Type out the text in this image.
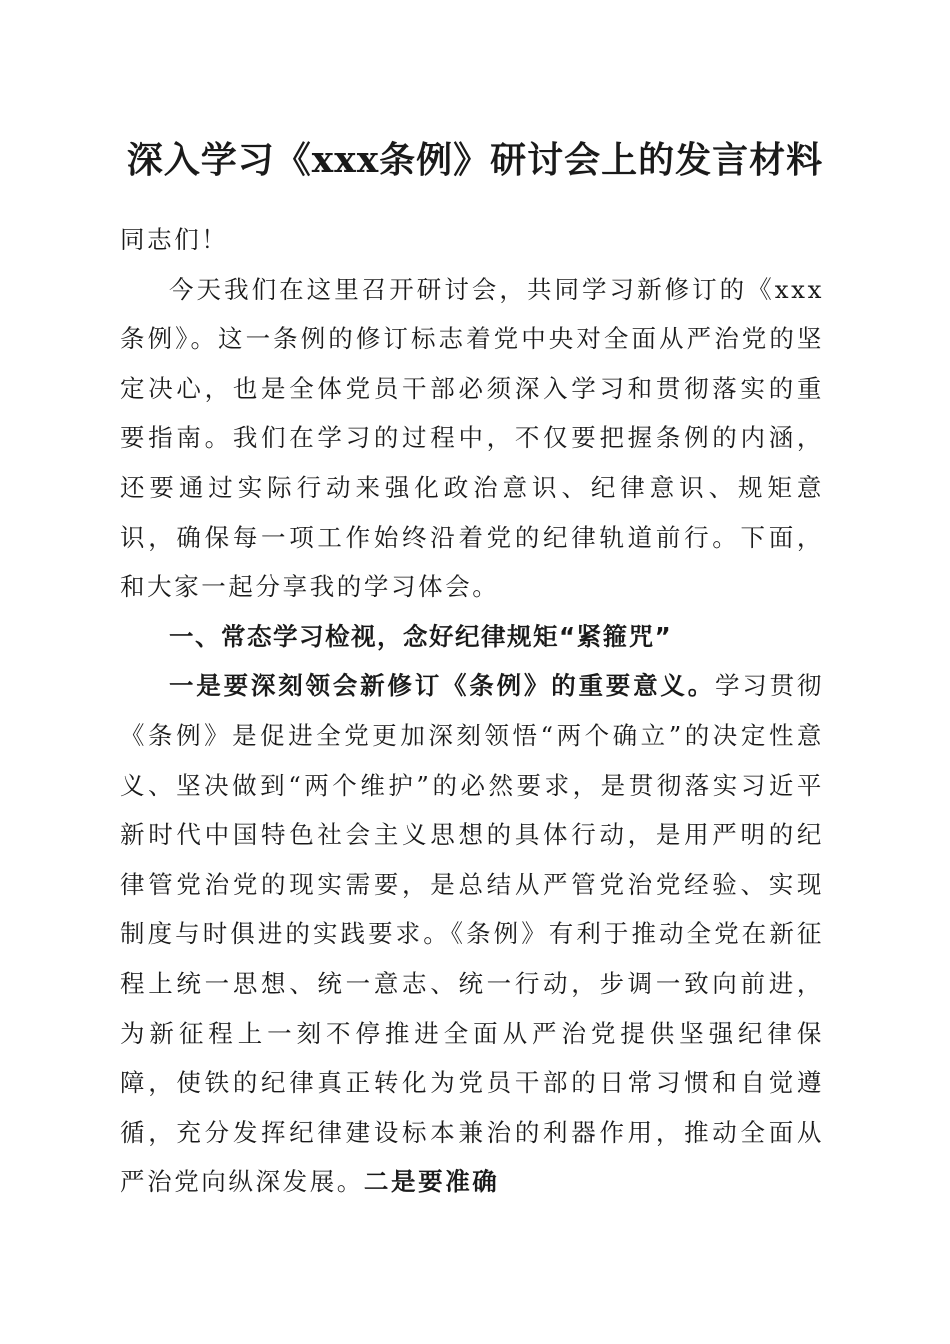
深入学习《xxx条例》研讨会上的发言材料

同志们！

今天我们在这里召开研讨会，共同学习新修订的《xxx条例》。这一条例的修订标志着党中央对全面从严治党的坚定决心，也是全体党员干部必须深入学习和贯彻落实的重要指南。我们在学习的过程中，不仅要把握条例的内涵，还要通过实际行动来强化政治意识、纪律意识、规矩意识，确保每一项工作始终沿着党的纪律轨道前行。下面，和大家一起分享我的学习体会。

一、常态学习检视，念好纪律规矩“紧箍咒”

一是要深刻领会新修订《条例》的重要意义。学习贯彻《条例》是促进全党更加深刻领悟“两个确立”的决定性意义、坚决做到“两个维护”的必然要求，是贯彻落实习近平新时代中国特色社会主义思想的具体行动，是用严明的纪律管党治党的现实需要，是总结从严管党治党经验、实现制度与时俱进的实践要求。《条例》有利于推动全党在新征程上统一思想、统一意志、统一行动，步调一致向前进，为新征程上一刻不停推进全面从严治党提供坚强纪律保障，使铁的纪律真正转化为党员干部的日常习惯和自觉遵循，充分发挥纪律建设标本兼治的利器作用，推动全面从严治党向纵深发展。二是要准确
